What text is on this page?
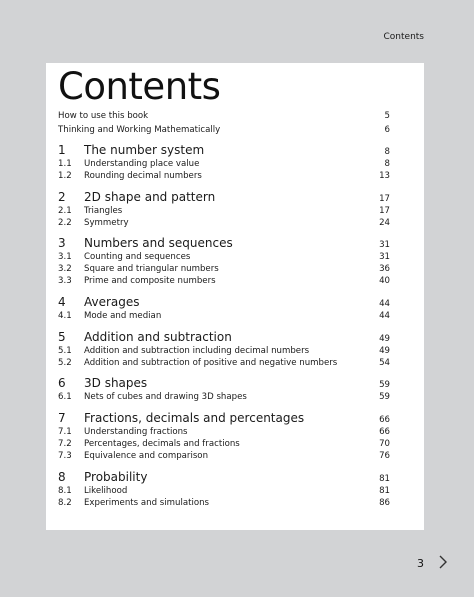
Contents
Contents
How to use this book	5
Thinking and Working Mathematically	6
1	The number system	8
1.1	Understanding place value	8
1.2	Rounding decimal numbers	13
2	2D shape and pattern	17
2.1	Triangles	17
2.2	Symmetry	24
3	Numbers and sequences	31
3.1	Counting and sequences	31
3.2	Square and triangular numbers	36
3.3	Prime and composite numbers	40
4	Averages	44
4.1	Mode and median	44
5	Addition and subtraction	49
5.1	Addition and subtraction including decimal numbers	49
5.2	Addition and subtraction of positive and negative numbers	54
6	3D shapes	59
6.1	Nets of cubes and drawing 3D shapes	59
7	Fractions, decimals and percentages	66
7.1	Understanding fractions	66
7.2	Percentages, decimals and fractions	70
7.3	Equivalence and comparison	76
8	Probability	81
8.1	Likelihood	81
8.2	Experiments and simulations	86
3
